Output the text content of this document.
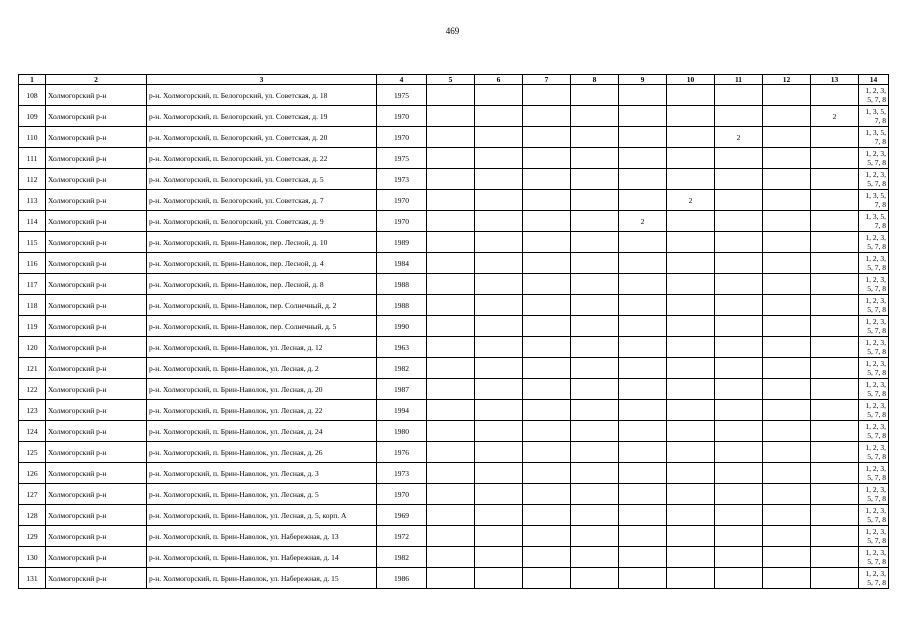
469
1	2	3	4	5	6	7	8	9	10	11	12	13	14
108	Холмогорский р-н	р-н. Холмогорский, п. Белогорский, ул. Советская, д. 18	1975										1, 2, 3, 5, 7, 8
109	Холмогорский р-н	р-н. Холмогорский, п. Белогорский, ул. Советская, д. 19	1970									2	1, 3, 5, 7, 8
110	Холмогорский р-н	р-н. Холмогорский, п. Белогорский, ул. Советская, д. 20	1970							2			1, 3, 5, 7, 8
111	Холмогорский р-н	р-н. Холмогорский, п. Белогорский, ул. Советская, д. 22	1975										1, 2, 3, 5, 7, 8
112	Холмогорский р-н	р-н. Холмогорский, п. Белогорский, ул. Советская, д. 5	1973										1, 2, 3, 5, 7, 8
113	Холмогорский р-н	р-н. Холмогорский, п. Белогорский, ул. Советская, д. 7	1970						2				1, 3, 5, 7, 8
114	Холмогорский р-н	р-н. Холмогорский, п. Белогорский, ул. Советская, д. 9	1970					2					1, 3, 5, 7, 8
115	Холмогорский р-н	р-н. Холмогорский, п. Брин-Наволок, пер. Лесной, д. 10	1989										1, 2, 3, 5, 7, 8
116	Холмогорский р-н	р-н. Холмогорский, п. Брин-Наволок, пер. Лесной, д. 4	1984										1, 2, 3, 5, 7, 8
117	Холмогорский р-н	р-н. Холмогорский, п. Брин-Наволок, пер. Лесной, д. 8	1988										1, 2, 3, 5, 7, 8
118	Холмогорский р-н	р-н. Холмогорский, п. Брин-Наволок, пер. Солнечный, д. 2	1988										1, 2, 3, 5, 7, 8
119	Холмогорский р-н	р-н. Холмогорский, п. Брин-Наволок, пер. Солнечный, д. 5	1990										1, 2, 3, 5, 7, 8
120	Холмогорский р-н	р-н. Холмогорский, п. Брин-Наволок, ул. Лесная, д. 12	1963										1, 2, 3, 5, 7, 8
121	Холмогорский р-н	р-н. Холмогорский, п. Брин-Наволок, ул. Лесная, д. 2	1982										1, 2, 3, 5, 7, 8
122	Холмогорский р-н	р-н. Холмогорский, п. Брин-Наволок, ул. Лесная, д. 20	1987										1, 2, 3, 5, 7, 8
123	Холмогорский р-н	р-н. Холмогорский, п. Брин-Наволок, ул. Лесная, д. 22	1994										1, 2, 3, 5, 7, 8
124	Холмогорский р-н	р-н. Холмогорский, п. Брин-Наволок, ул. Лесная, д. 24	1980										1, 2, 3, 5, 7, 8
125	Холмогорский р-н	р-н. Холмогорский, п. Брин-Наволок, ул. Лесная, д. 26	1976										1, 2, 3, 5, 7, 8
126	Холмогорский р-н	р-н. Холмогорский, п. Брин-Наволок, ул. Лесная, д. 3	1973										1, 2, 3, 5, 7, 8
127	Холмогорский р-н	р-н. Холмогорский, п. Брин-Наволок, ул. Лесная, д. 5	1970										1, 2, 3, 5, 7, 8
128	Холмогорский р-н	р-н. Холмогорский, п. Брин-Наволок, ул. Лесная, д. 5, корп. А	1969										1, 2, 3, 5, 7, 8
129	Холмогорский р-н	р-н. Холмогорский, п. Брин-Наволок, ул. Набережная, д. 13	1972										1, 2, 3, 5, 7, 8
130	Холмогорский р-н	р-н. Холмогорский, п. Брин-Наволок, ул. Набережная, д. 14	1982										1, 2, 3, 5, 7, 8
131	Холмогорский р-н	р-н. Холмогорский, п. Брин-Наволок, ул. Набережная, д. 15	1986										1, 2, 3, 5, 7, 8
